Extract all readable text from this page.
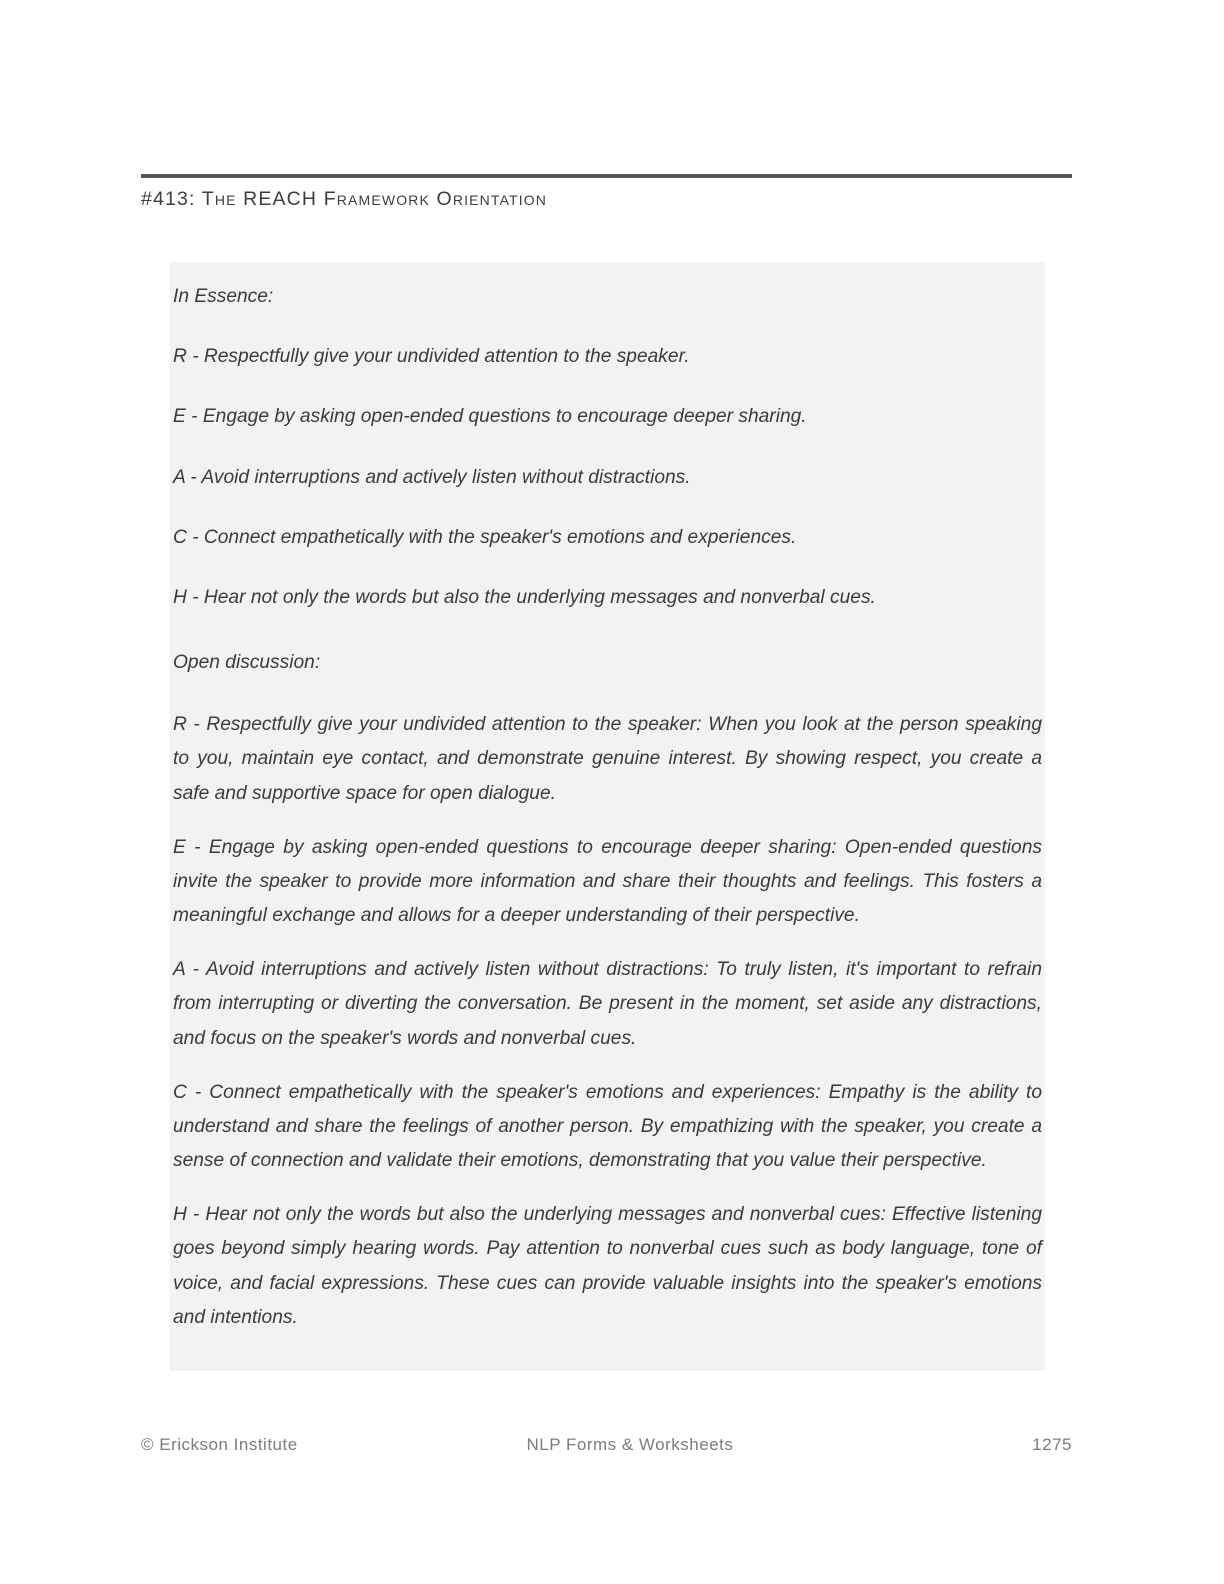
#413: The REACH Framework Orientation

In Essence:

R - Respectfully give your undivided attention to the speaker.

E - Engage by asking open-ended questions to encourage deeper sharing.

A - Avoid interruptions and actively listen without distractions.

C - Connect empathetically with the speaker's emotions and experiences.

H - Hear not only the words but also the underlying messages and nonverbal cues.

Open discussion:

R - Respectfully give your undivided attention to the speaker: When you look at the person speaking to you, maintain eye contact, and demonstrate genuine interest. By showing respect, you create a safe and supportive space for open dialogue.

E - Engage by asking open-ended questions to encourage deeper sharing: Open-ended questions invite the speaker to provide more information and share their thoughts and feelings. This fosters a meaningful exchange and allows for a deeper understanding of their perspective.

A - Avoid interruptions and actively listen without distractions: To truly listen, it's important to refrain from interrupting or diverting the conversation. Be present in the moment, set aside any distractions, and focus on the speaker's words and nonverbal cues.

C - Connect empathetically with the speaker's emotions and experiences: Empathy is the ability to understand and share the feelings of another person. By empathizing with the speaker, you create a sense of connection and validate their emotions, demonstrating that you value their perspective.

H - Hear not only the words but also the underlying messages and nonverbal cues: Effective listening goes beyond simply hearing words. Pay attention to nonverbal cues such as body language, tone of voice, and facial expressions. These cues can provide valuable insights into the speaker's emotions and intentions.

© Erickson Institute	NLP Forms & Worksheets	1275
